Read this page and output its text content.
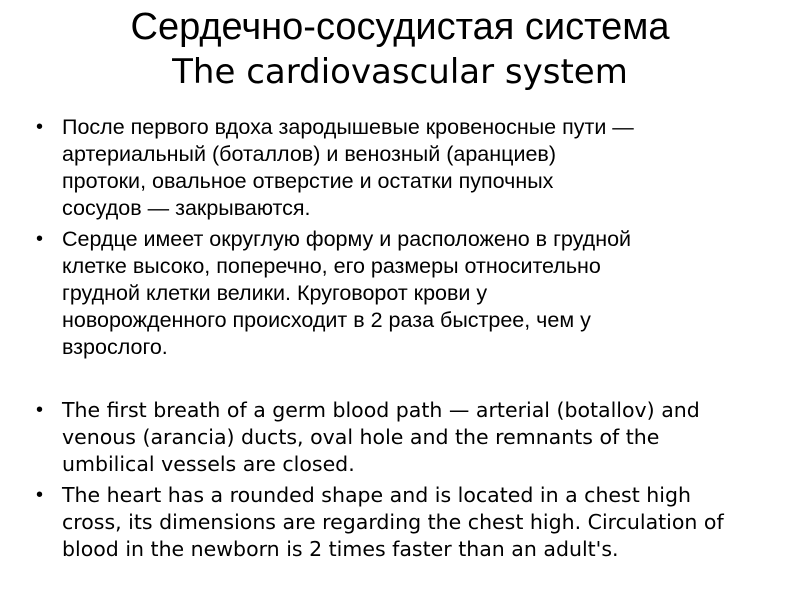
Сердечно-сосудистая система
The cardiovascular system
• После первого вдоха зародышевые кровеносные пути —
артериальный (боталлов) и венозный (аранциев)
протоки, овальное отверстие и остатки пупочных
сосудов — закрываются.
• Сердце имеет округлую форму и расположено в грудной
клетке высоко, поперечно, его размеры относительно
грудной клетки велики. Круговорот крови у
новорожденного происходит в 2 раза быстрее, чем у
взрослого.
• The first breath of a germ blood path — arterial (botallov) and
venous (arancia) ducts, oval hole and the remnants of the
umbilical vessels are closed.
• The heart has a rounded shape and is located in a chest high
cross, its dimensions are regarding the chest high. Circulation of
blood in the newborn is 2 times faster than an adult's.
